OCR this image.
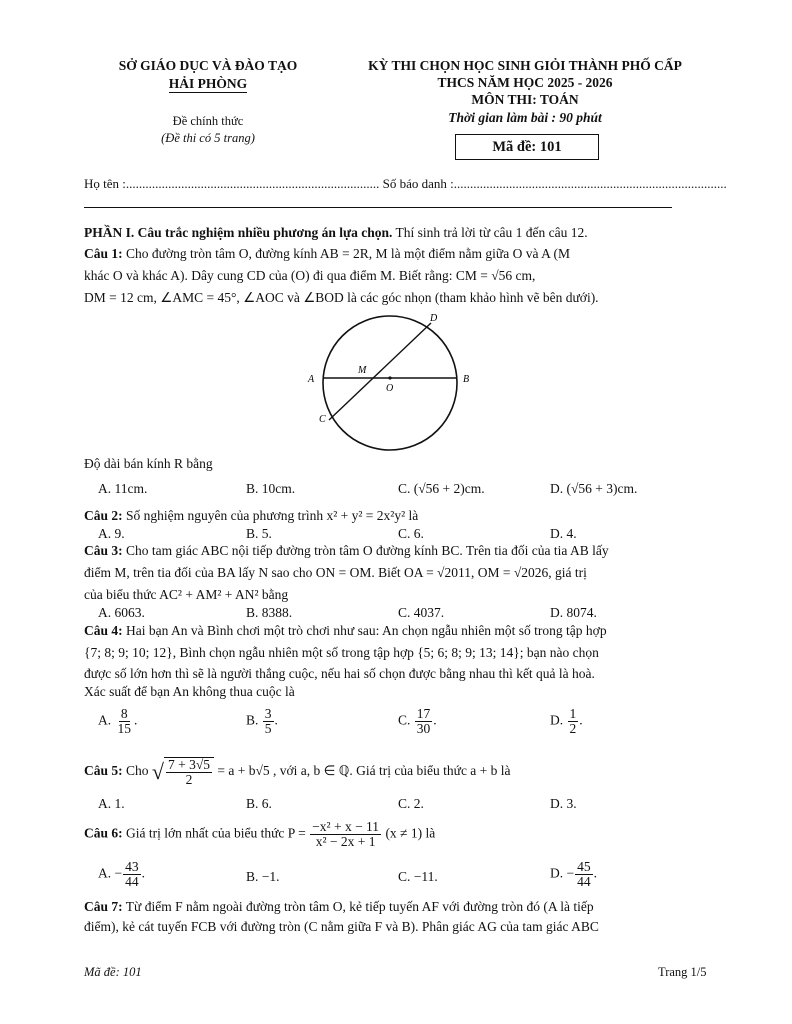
SỞ GIÁO DỤC VÀ ĐÀO TẠO
HẢI PHÒNG
Đề chính thức
(Đề thi có 5 trang)
KỲ THI CHỌN HỌC SINH GIỎI THÀNH PHỐ CẤP
THCS NĂM HỌC 2025 - 2026
MÔN THI: TOÁN
Thời gian làm bài : 90 phút
Mã đề: 101
Họ tên :.............................................................................. Số báo danh :....................................................................................
PHẦN I. Câu trắc nghiệm nhiều phương án lựa chọn. Thí sinh trả lời từ câu 1 đến câu 12.
Câu 1: Cho đường tròn tâm O, đường kính AB = 2R, M là một điểm nằm giữa O và A (M
khác O và khác A). Dây cung CD của (O) đi qua điểm M. Biết rằng: CM = √56 cm,
DM = 12 cm, ∠AMC = 45°, ∠AOC và ∠BOD là các góc nhọn (tham khảo hình vẽ bên dưới).
A	B
C
D
M
O
Độ dài bán kính R bằng
A. 11cm.	B. 10cm.	C. (√56 + 2)cm.	D. (√56 + 3)cm.
Câu 2: Số nghiệm nguyên của phương trình x² + y² = 2x²y² là
A. 9.	B. 5.	C. 6.	D. 4.
Câu 3: Cho tam giác ABC nội tiếp đường tròn tâm O đường kính BC. Trên tia đối của tia AB lấy
điểm M, trên tia đối của BA lấy N sao cho ON = OM. Biết OA = √2011, OM = √2026, giá trị
của biểu thức AC² + AM² + AN² bằng
A. 6063.	B. 8388.	C. 4037.	D. 8074.
Câu 4: Hai bạn An và Bình chơi một trò chơi như sau: An chọn ngẫu nhiên một số trong tập hợp
{7; 8; 9; 10; 12}, Bình chọn ngẫu nhiên một số trong tập hợp {5; 6; 8; 9; 13; 14}; bạn nào chọn
được số lớn hơn thì sẽ là người thắng cuộc, nếu hai số chọn được bằng nhau thì kết quả là hoà.
Xác suất để bạn An không thua cuộc là
A. $\frac{8}{15}$ .	B. $\frac{3}{5}$ .	C. $\frac{17}{30}$ .	D. $\frac{1}{2}$ .
Câu 5: Cho √ $\frac{7 + 3√5}{2} = a + b√5$ , với a, b ∈ ℚ. Giá trị của biểu thức a + b là
A. 1.	B. 6.	C. 2.	D. 3.
Câu 6: Giá trị lớn nhất của biểu thức $P = \frac{\text{−x² + x − 11}}{\text{x² − 2x + 1}} (x \ne 1)$ là
A. − $\frac{43}{44}$ .	B. −1.	C. −11.	D. − $\frac{45}{44}$ .
Câu 7: Từ điểm F nằm ngoài đường tròn tâm O, kẻ tiếp tuyến AF với đường tròn đó (A là tiếp
điểm), kẻ cát tuyến FCB với đường tròn (C nằm giữa F và B). Phân giác AG của tam giác ABC
Mã đề: 101	Trang 1/5
